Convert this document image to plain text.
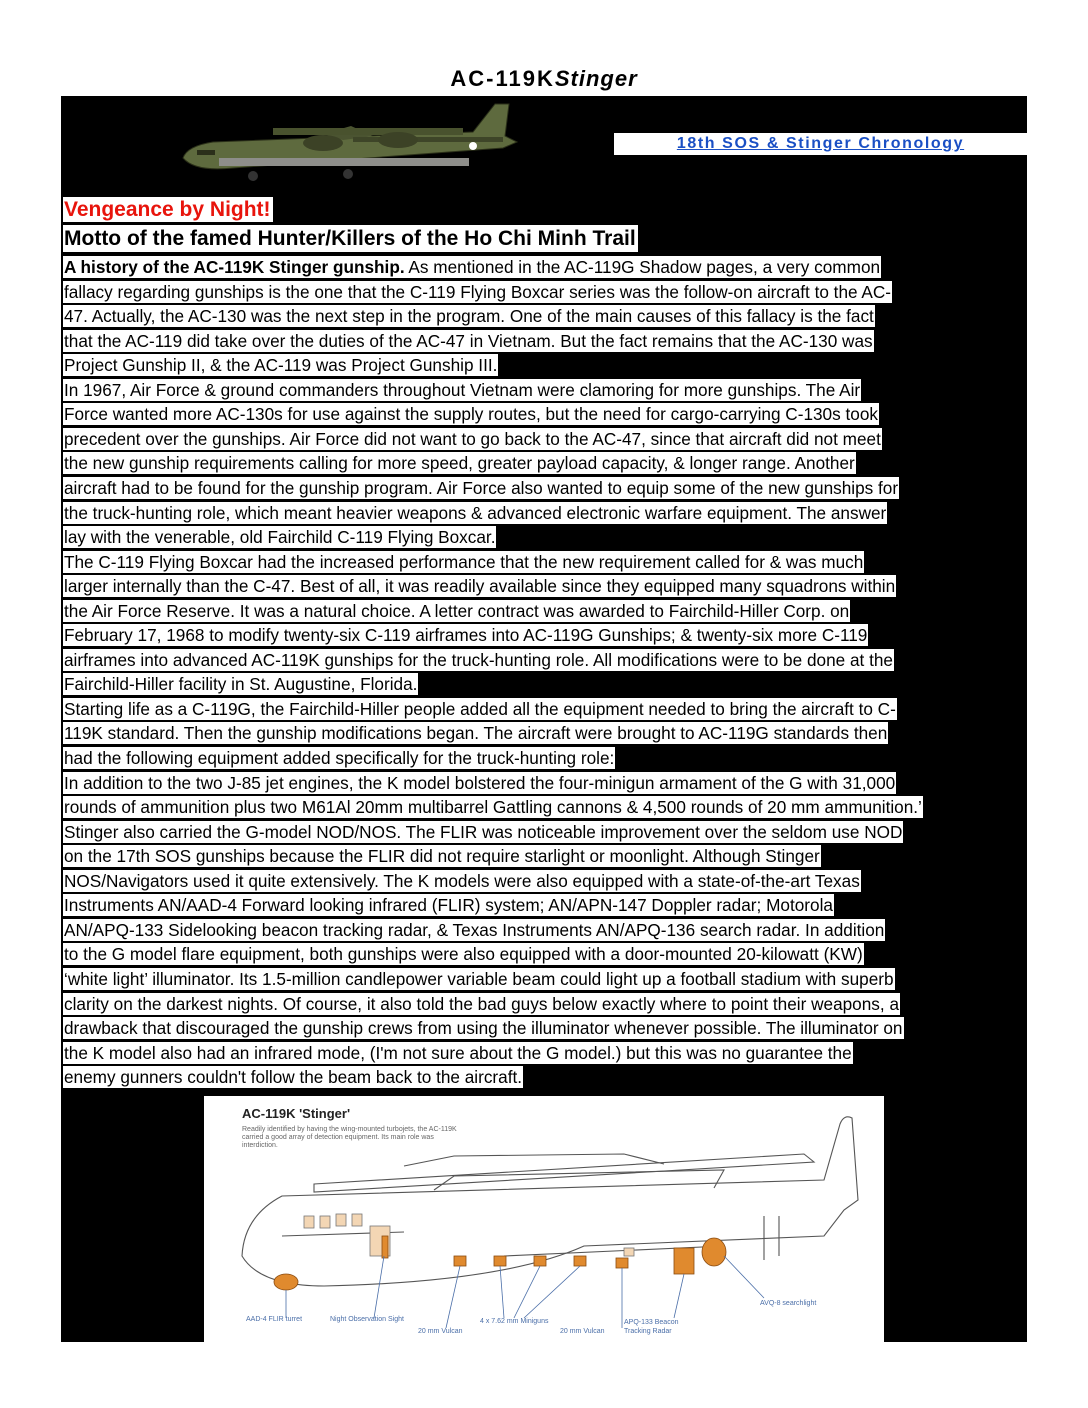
AC-119KStinger
18th SOS & Stinger Chronology
Vengeance by Night!
Motto of the famed Hunter/Killers of the Ho Chi Minh Trail
A history of the AC-119K Stinger gunship. As mentioned in the AC-119G Shadow pages, a very common
fallacy regarding gunships is the one that the C-119 Flying Boxcar series was the follow-on aircraft to the AC-
47. Actually, the AC-130 was the next step in the program. One of the main causes of this fallacy is the fact
that the AC-119 did take over the duties of the AC-47 in Vietnam. But the fact remains that the AC-130 was
Project Gunship II, & the AC-119 was Project Gunship III.
In 1967, Air Force & ground commanders throughout Vietnam were clamoring for more gunships. The Air
Force wanted more AC-130s for use against the supply routes, but the need for cargo-carrying C-130s took
precedent over the gunships. Air Force did not want to go back to the AC-47, since that aircraft did not meet
the new gunship requirements calling for more speed, greater payload capacity, & longer range. Another
aircraft had to be found for the gunship program. Air Force also wanted to equip some of the new gunships for
the truck-hunting role, which meant heavier weapons & advanced electronic warfare equipment. The answer
lay with the venerable, old Fairchild C-119 Flying Boxcar.
The C-119 Flying Boxcar had the increased performance that the new requirement called for & was much
larger internally than the C-47. Best of all, it was readily available since they equipped many squadrons within
the Air Force Reserve. It was a natural choice. A letter contract was awarded to Fairchild-Hiller Corp. on
February 17, 1968 to modify twenty-six C-119 airframes into AC-119G Gunships; & twenty-six more C-119
airframes into advanced AC-119K gunships for the truck-hunting role. All modifications were to be done at the
Fairchild-Hiller facility in St. Augustine, Florida.
Starting life as a C-119G, the Fairchild-Hiller people added all the equipment needed to bring the aircraft to C-
119K standard. Then the gunship modifications began. The aircraft were brought to AC-119G standards then
had the following equipment added specifically for the truck-hunting role:
In addition to the two J-85 jet engines, the K model bolstered the four-minigun armament of the G with 31,000
rounds of ammunition plus two M61Al 20mm multibarrel Gattling cannons & 4,500 rounds of 20 mm ammunition.’
Stinger also carried the G-model NOD/NOS. The FLIR was noticeable improvement over the seldom use NOD
on the 17th SOS gunships because the FLIR did not require starlight or moonlight. Although Stinger
NOS/Navigators used it quite extensively. The K models were also equipped with a state-of-the-art Texas
Instruments AN/AAD-4 Forward looking infrared (FLIR) system; AN/APN-147 Doppler radar; Motorola
AN/APQ-133 Sidelooking beacon tracking radar, & Texas Instruments AN/APQ-136 search radar. In addition
to the G model flare equipment, both gunships were also equipped with a door-mounted 20-kilowatt (KW)
‘white light’ illuminator. Its 1.5-million candlepower variable beam could light up a football stadium with superb
clarity on the darkest nights. Of course, it also told the bad guys below exactly where to point their weapons, a
drawback that discouraged the gunship crews from using the illuminator whenever possible. The illuminator on
the K model also had an infrared mode, (I'm not sure about the G model.) but this was no guarantee the
enemy gunners couldn't follow the beam back to the aircraft.
AC-119K 'Stinger'
Readily identified by having the wing-mounted turbojets, the AC-119K carried a good array of detection equipment. Its main role was interdiction.
AAD-4 FLIR turret	Night Observation Sight
20 mm Vulcan
4 x 7.62 mm Miniguns
20 mm Vulcan
APQ-133 Beacon Tracking Radar
AVQ-8 searchlight
